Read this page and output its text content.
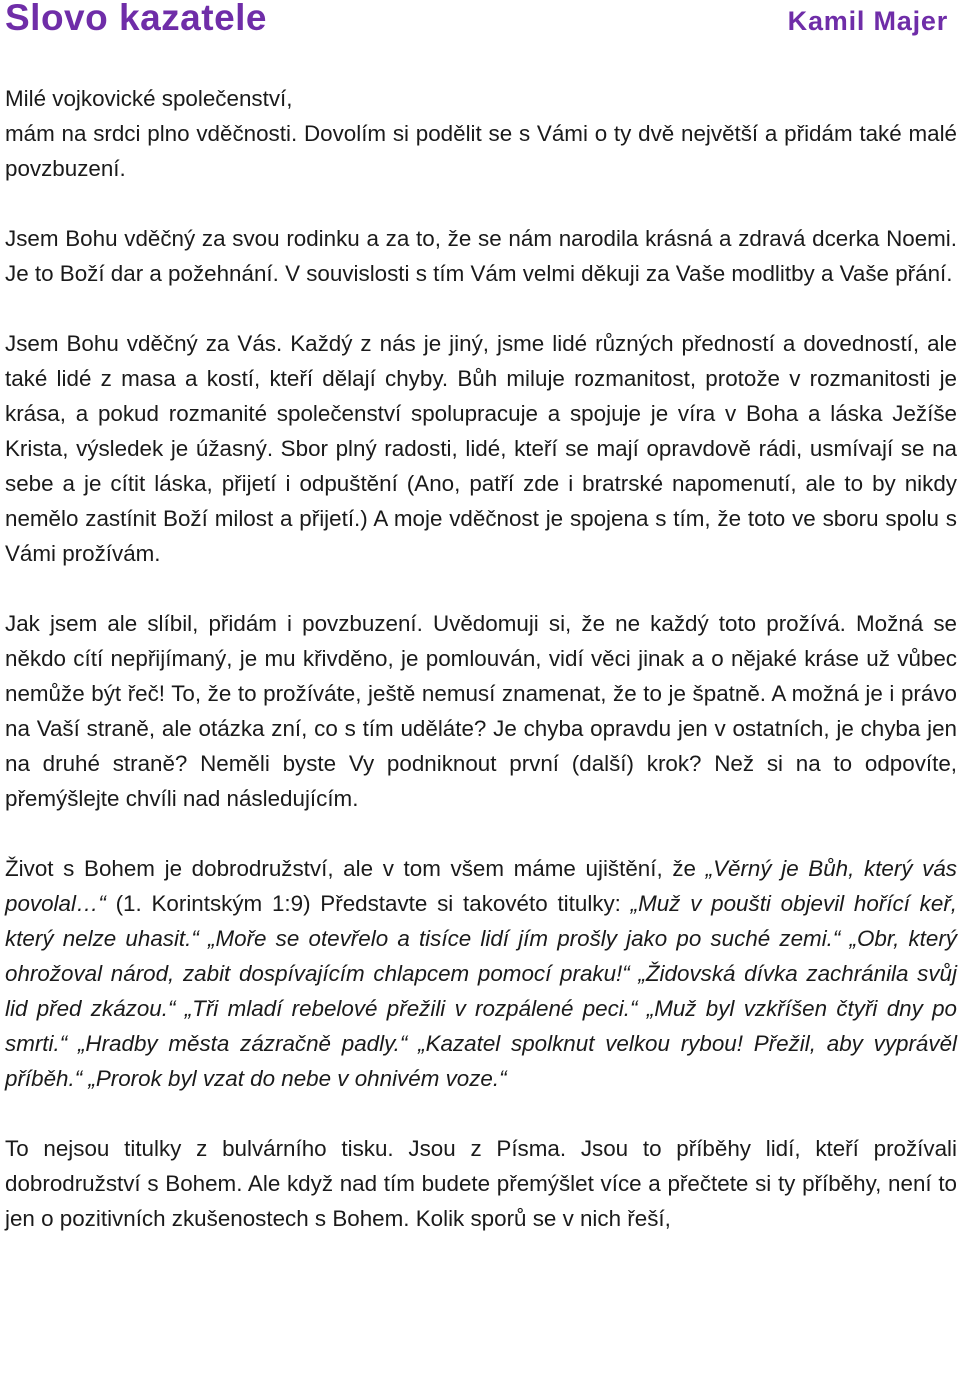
Slovo kazatele	Kamil Majer

Milé vojkovické společenství,

mám na srdci plno vděčnosti. Dovolím si podělit se s Vámi o ty dvě největší a přidám také malé povzbuzení.

Jsem Bohu vděčný za svou rodinku a za to, že se nám narodila krásná a zdravá dcerka Noemi. Je to Boží dar a požehnání. V souvislosti s tím Vám velmi děkuji za Vaše modlitby a Vaše přání.

Jsem Bohu vděčný za Vás. Každý z nás je jiný, jsme lidé různých předností a dovedností, ale také lidé z masa a kostí, kteří dělají chyby. Bůh miluje rozmanitost, protože v rozmanitosti je krása, a pokud rozmanité společenství spolupracuje a spojuje je víra v Boha a láska Ježíše Krista, výsledek je úžasný. Sbor plný radosti, lidé, kteří se mají opravdově rádi, usmívají se na sebe a je cítit láska, přijetí i odpuštění (Ano, patří zde i bratrské napomenutí, ale to by nikdy nemělo zastínit Boží milost a přijetí.) A moje vděčnost je spojena s tím, že toto ve sboru spolu s Vámi prožívám.

Jak jsem ale slíbil, přidám i povzbuzení. Uvědomuji si, že ne každý toto prožívá. Možná se někdo cítí nepřijímaný, je mu křivděno, je pomlouván, vidí věci jinak a o nějaké kráse už vůbec nemůže být řeč! To, že to prožíváte, ještě nemusí znamenat, že to je špatně. A možná je i právo na Vaší straně, ale otázka zní, co s tím uděláte? Je chyba opravdu jen v ostatních, je chyba jen na druhé straně? Neměli byste Vy podniknout první (další) krok? Než si na to odpovíte, přemýšlejte chvíli nad následujícím.

Život s Bohem je dobrodružství, ale v tom všem máme ujištění, že „Věrný je Bůh, který vás povolal…“ (1. Korintským 1:9) Představte si takovéto titulky: „Muž v poušti objevil hořící keř, který nelze uhasit.“ „Moře se otevřelo a tisíce lidí jím prošly jako po suché zemi.“ „Obr, který ohrožoval národ, zabit dospívajícím chlapcem pomocí praku!“ „Židovská dívka zachránila svůj lid před zkázou.“ „Tři mladí rebelové přežili v rozpálené peci.“ „Muž byl vzkříšen čtyři dny po smrti.“ „Hradby města zázračně padly.“ „Kazatel spolknut velkou rybou! Přežil, aby vyprávěl příběh.“ „Prorok byl vzat do nebe v ohnivém voze.“

To nejsou titulky z bulvárního tisku. Jsou z Písma. Jsou to příběhy lidí, kteří prožívali dobrodružství s Bohem. Ale když nad tím budete přemýšlet více a přečtete si ty příběhy, není to jen o pozitivních zkušenostech s Bohem. Kolik sporů se v nich řeší,
